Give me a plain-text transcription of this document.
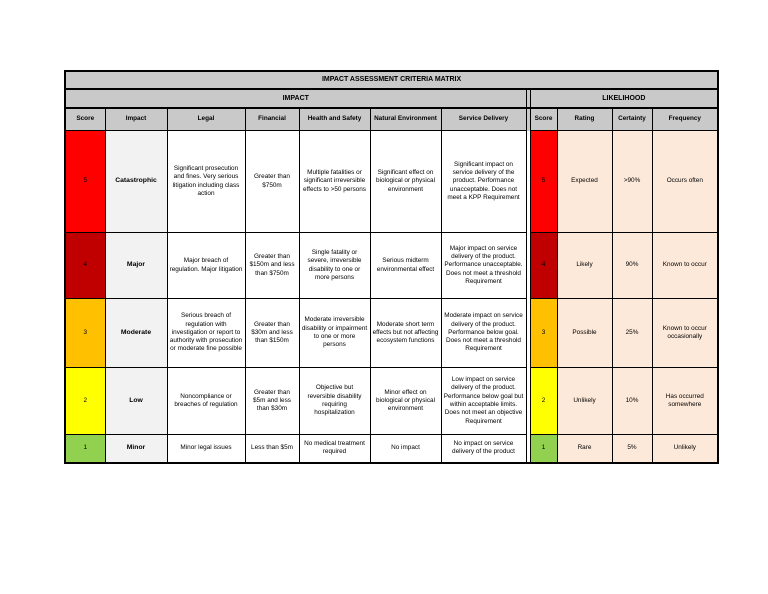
IMPACT ASSESSMENT CRITERIA MATRIX											
IMPACT								LIKELIHOOD			
Score	Impact	Legal	Financial	Health and Safety	Natural Environment	Service Delivery		Score	Rating	Certainty	Frequency
5	Catastrophic	Significant prosecution and fines. Very serious litigation including class action	Greater than $750m	Multiple fatalities or significant irreversible effects to >50 persons	Significant effect on biological or physical environment	Significant impact on service delivery of the product. Performance unacceptable. Does not meet a KPP Requirement		5	Expected	>90%	Occurs often
4	Major	Major breach of regulation. Major litigation	Greater than $150m and less than $750m	Single fatality or severe, irreversible disability to one or more persons	Serious midterm environmental effect	Major impact on service delivery of the product. Performance unacceptable. Does not meet a threshold Requirement		4	Likely	90%	Known to occur
3	Moderate	Serious breach of regulation with investigation or report to authority with prosecution or moderate fine possible	Greater than $30m and less than $150m	Moderate irreversible disability or impairment to one or more persons	Moderate short term effects but not affecting ecosystem functions	Moderate impact on service delivery of the product. Performance below goal. Does not meet a threshold Requirement		3	Possible	25%	Known to occur occasionally
2	Low	Noncompliance or breaches of regulation	Greater than $5m and less than $30m	Objective but reversible disability requiring hospitalization	Minor effect on biological or physical environment	Low impact on service delivery of the product. Performance below goal but within acceptable limits. Does not meet an objective Requirement		2	Unlikely	10%	Has occurred somewhere
1	Minor	Minor legal issues	Less than $5m	No medical treatment required	No impact	No impact on service delivery of the product		1	Rare	5%	Unlikely
